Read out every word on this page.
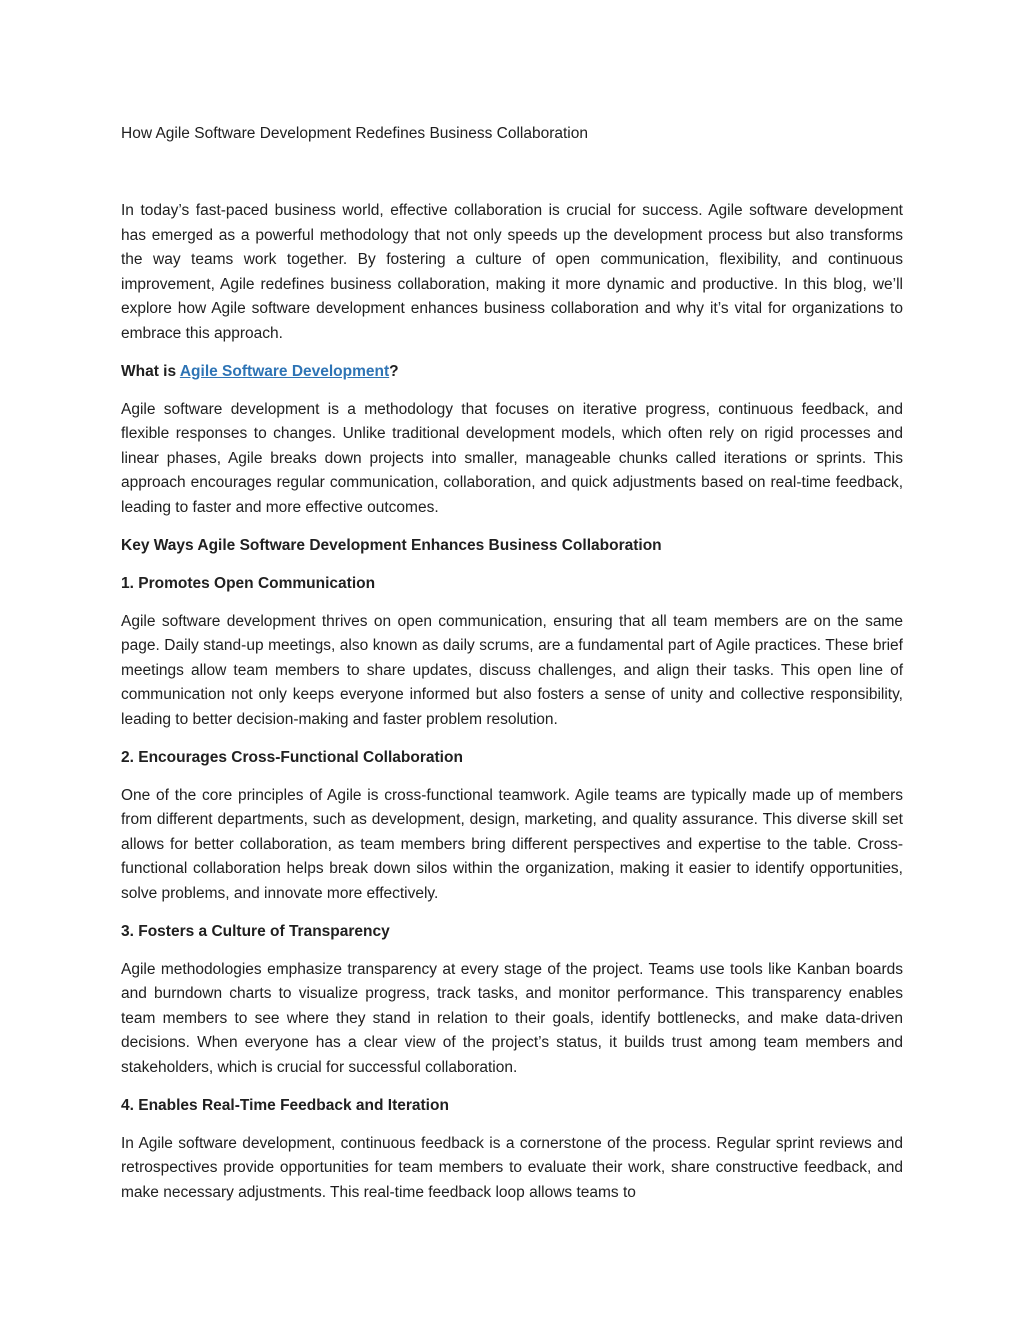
How Agile Software Development Redefines Business Collaboration

In today’s fast-paced business world, effective collaboration is crucial for success. Agile software development has emerged as a powerful methodology that not only speeds up the development process but also transforms the way teams work together. By fostering a culture of open communication, flexibility, and continuous improvement, Agile redefines business collaboration, making it more dynamic and productive. In this blog, we’ll explore how Agile software development enhances business collaboration and why it’s vital for organizations to embrace this approach.

What is Agile Software Development?

Agile software development is a methodology that focuses on iterative progress, continuous feedback, and flexible responses to changes. Unlike traditional development models, which often rely on rigid processes and linear phases, Agile breaks down projects into smaller, manageable chunks called iterations or sprints. This approach encourages regular communication, collaboration, and quick adjustments based on real-time feedback, leading to faster and more effective outcomes.

Key Ways Agile Software Development Enhances Business Collaboration
1. Promotes Open Communication

Agile software development thrives on open communication, ensuring that all team members are on the same page. Daily stand-up meetings, also known as daily scrums, are a fundamental part of Agile practices. These brief meetings allow team members to share updates, discuss challenges, and align their tasks. This open line of communication not only keeps everyone informed but also fosters a sense of unity and collective responsibility, leading to better decision-making and faster problem resolution.

2. Encourages Cross-Functional Collaboration

One of the core principles of Agile is cross-functional teamwork. Agile teams are typically made up of members from different departments, such as development, design, marketing, and quality assurance. This diverse skill set allows for better collaboration, as team members bring different perspectives and expertise to the table. Cross-functional collaboration helps break down silos within the organization, making it easier to identify opportunities, solve problems, and innovate more effectively.

3. Fosters a Culture of Transparency

Agile methodologies emphasize transparency at every stage of the project. Teams use tools like Kanban boards and burndown charts to visualize progress, track tasks, and monitor performance. This transparency enables team members to see where they stand in relation to their goals, identify bottlenecks, and make data-driven decisions. When everyone has a clear view of the project’s status, it builds trust among team members and stakeholders, which is crucial for successful collaboration.

4. Enables Real-Time Feedback and Iteration

In Agile software development, continuous feedback is a cornerstone of the process. Regular sprint reviews and retrospectives provide opportunities for team members to evaluate their work, share constructive feedback, and make necessary adjustments. This real-time feedback loop allows teams to
